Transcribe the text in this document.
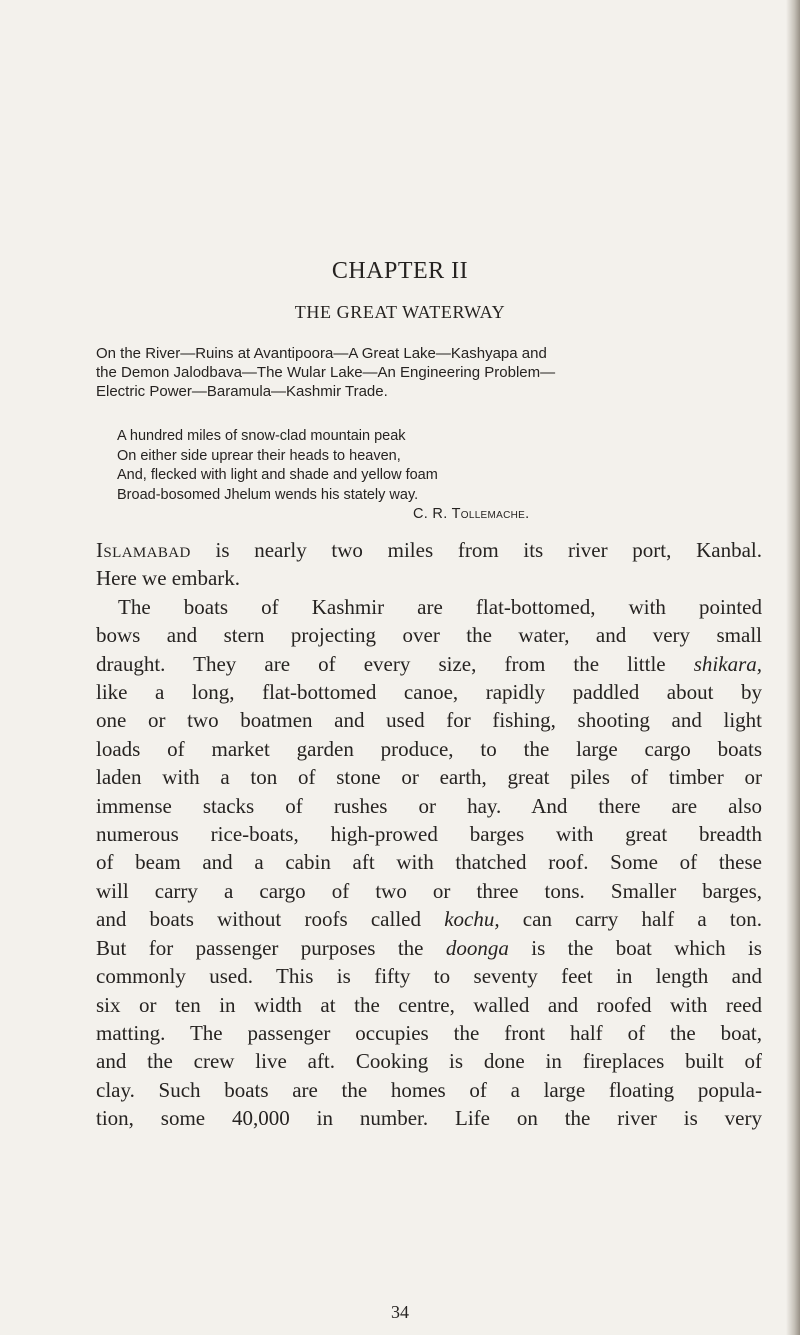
CHAPTER II
THE GREAT WATERWAY
On the River—Ruins at Avantipoora—A Great Lake—Kashyapa and
the Demon Jalodbava—The Wular Lake—An Engineering Problem—
Electric Power—Baramula—Kashmir Trade.
A hundred miles of snow-clad mountain peak
On either side uprear their heads to heaven,
And, flecked with light and shade and yellow foam
Broad-bosomed Jhelum wends his stately way.
C. R. Tollemache.
Islamabad is nearly two miles from its river port, Kanbal.
Here we embark.
The boats of Kashmir are flat-bottomed, with pointed
bows and stern projecting over the water, and very small
draught. They are of every size, from the little shikara,
like a long, flat-bottomed canoe, rapidly paddled about by
one or two boatmen and used for fishing, shooting and light
loads of market garden produce, to the large cargo boats
laden with a ton of stone or earth, great piles of timber or
immense stacks of rushes or hay. And there are also
numerous rice-boats, high-prowed barges with great breadth
of beam and a cabin aft with thatched roof. Some of these
will carry a cargo of two or three tons. Smaller barges,
and boats without roofs called kochu, can carry half a ton.
But for passenger purposes the doonga is the boat which is
commonly used. This is fifty to seventy feet in length and
six or ten in width at the centre, walled and roofed with reed
matting. The passenger occupies the front half of the boat,
and the crew live aft. Cooking is done in fireplaces built of
clay. Such boats are the homes of a large floating popula-
tion, some 40,000 in number. Life on the river is very

34
